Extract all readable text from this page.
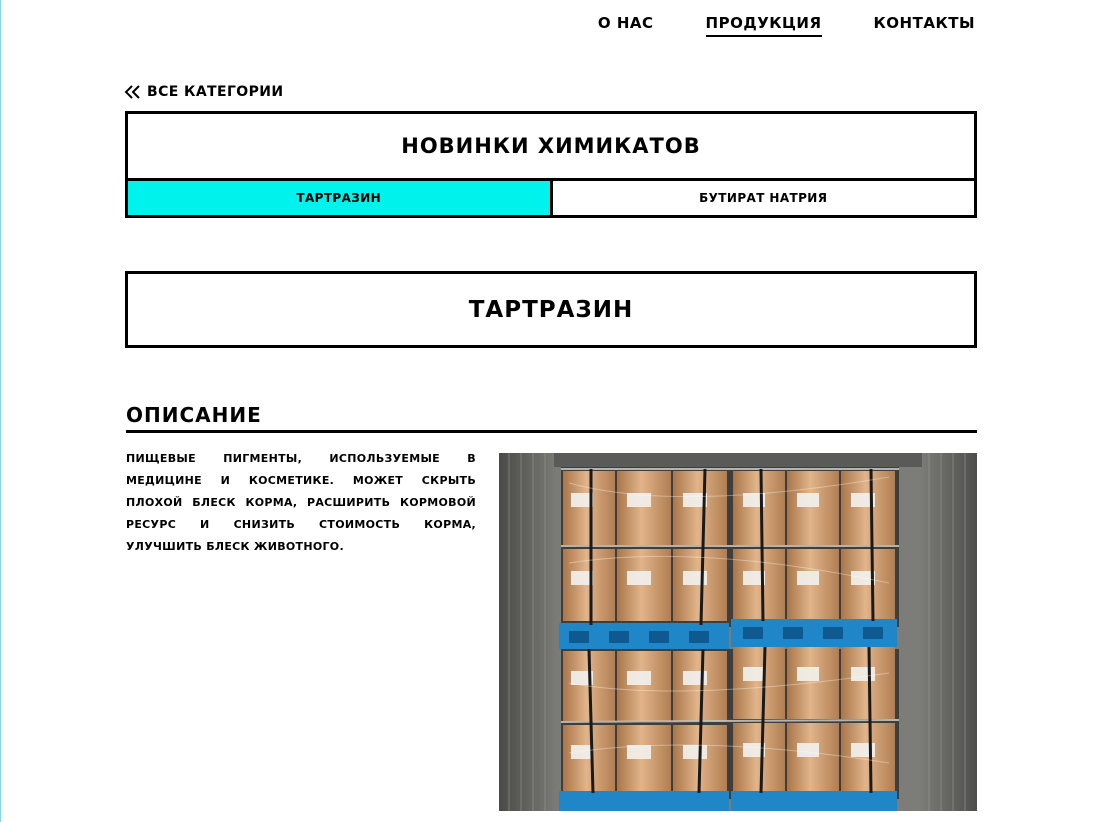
О НАС	ПРОДУКЦИЯ	КОНТАКТЫ
ВСЕ КАТЕГОРИИ
НОВИНКИ ХИМИКАТОВ
ТАРТРАЗИН	БУТИРАТ НАТРИЯ
ТАРТРАЗИН
ОПИСАНИЕ

ПИЩЕВЫЕ ПИГМЕНТЫ, ИСПОЛЬЗУЕМЫЕ В МЕДИЦИНЕ И КОСМЕТИКЕ. МОЖЕТ СКРЫТЬ ПЛОХОЙ БЛЕСК КОРМА, РАСШИРИТЬ КОРМОВОЙ РЕСУРС И СНИЗИТЬ СТОИМОСТЬ КОРМА, УЛУЧШИТЬ БЛЕСК ЖИВОТНОГО.
